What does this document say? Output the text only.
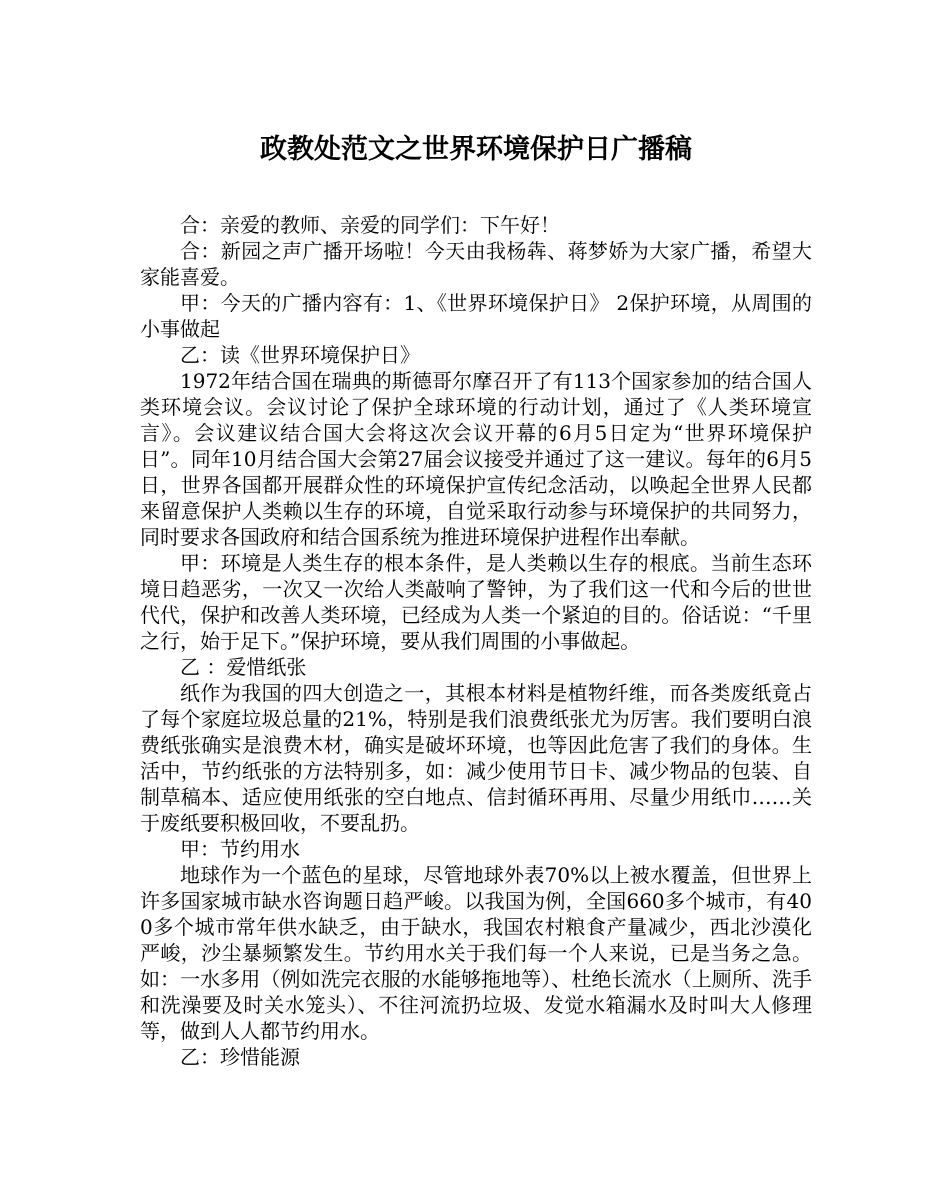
政教处范文之世界环境保护日广播稿

合：亲爱的教师、亲爱的同学们：下午好！

合：新园之声广播开场啦！今天由我杨犇、蒋梦娇为大家广播，希望大家能喜爱。

甲：今天的广播内容有：1、《世界环境保护日》 2保护环境，从周围的小事做起

乙：读《世界环境保护日》

1972年结合国在瑞典的斯德哥尔摩召开了有113个国家参加的结合国人类环境会议。会议讨论了保护全球环境的行动计划，通过了《人类环境宣言》。会议建议结合国大会将这次会议开幕的6月5日定为“世界环境保护日”。同年10月结合国大会第27届会议接受并通过了这一建议。每年的6月5日，世界各国都开展群众性的环境保护宣传纪念活动，以唤起全世界人民都来留意保护人类赖以生存的环境，自觉采取行动参与环境保护的共同努力，同时要求各国政府和结合国系统为推进环境保护进程作出奉献。

甲：环境是人类生存的根本条件，是人类赖以生存的根底。当前生态环境日趋恶劣，一次又一次给人类敲响了警钟，为了我们这一代和今后的世世代代，保护和改善人类环境，已经成为人类一个紧迫的目的。俗话说：“千里之行，始于足下。”保护环境，要从我们周围的小事做起。

乙 ：爱惜纸张

纸作为我国的四大创造之一，其根本材料是植物纤维，而各类废纸竟占了每个家庭垃圾总量的21%，特别是我们浪费纸张尤为厉害。我们要明白浪费纸张确实是浪费木材，确实是破坏环境，也等因此危害了我们的身体。生活中，节约纸张的方法特别多，如：减少使用节日卡、减少物品的包装、自制草稿本、适应使用纸张的空白地点、信封循环再用、尽量少用纸巾……关于废纸要积极回收，不要乱扔。

甲：节约用水

地球作为一个蓝色的星球，尽管地球外表70%以上被水覆盖，但世界上许多国家城市缺水咨询题日趋严峻。以我国为例，全国660多个城市，有400多个城市常年供水缺乏，由于缺水，我国农村粮食产量减少，西北沙漠化严峻，沙尘暴频繁发生。节约用水关于我们每一个人来说，已是当务之急。如：一水多用（例如洗完衣服的水能够拖地等）、杜绝长流水（上厕所、洗手和洗澡要及时关水笼头）、不往河流扔垃圾、发觉水箱漏水及时叫大人修理等，做到人人都节约用水。

乙：珍惜能源
